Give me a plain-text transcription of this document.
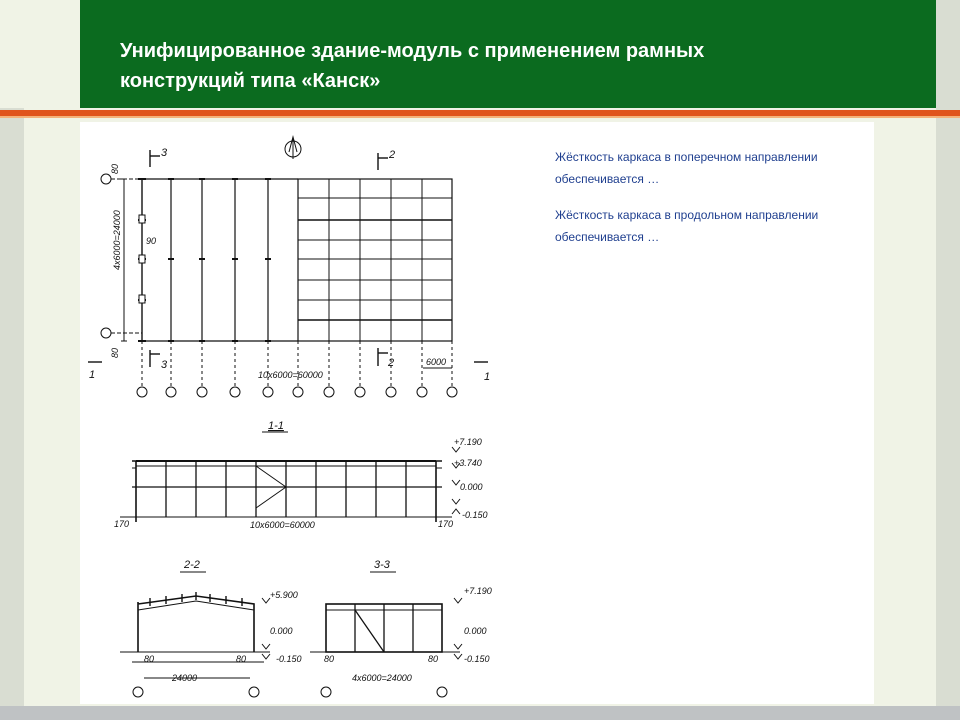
Унифицированное здание-модуль с применением рамных
конструкций типа «Канск»
4x6000=24000
80
80
90
3
3
2
2
1	1
6000
10x6000=60000
1-1
170	170
10x6000=60000
+7.190
+3.740
0.000
-0.150
2-2
80	80
24000
+5.900
0.000
-0.150
3-3
80	80
4x6000=24000
+7.190
0.000
-0.150
Жёсткость каркаса в поперечном направлении обеспечивается …
Жёсткость каркаса в продольном направлении обеспечивается …
